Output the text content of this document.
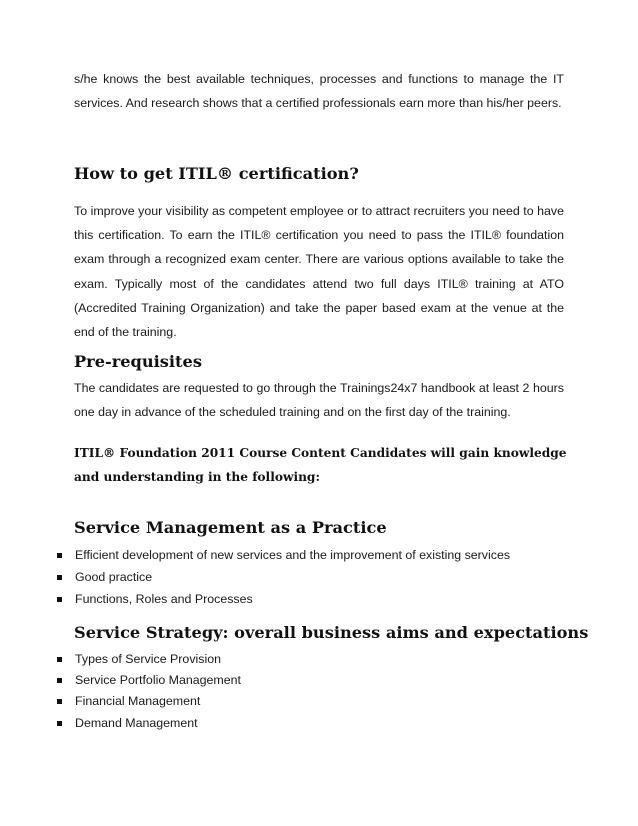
s/he knows the best available techniques, processes and functions to manage the IT services. And research shows that a certified professionals earn more than his/her peers.

How to get ITIL® certification?

To improve your visibility as competent employee or to attract recruiters you need to have this certification. To earn the ITIL® certification you need to pass the ITIL® foundation exam through a recognized exam center. There are various options available to take the exam. Typically most of the candidates attend two full days ITIL® training at ATO (Accredited Training Organization) and take the paper based exam at the venue at the end of the training.

Pre-requisites

The candidates are requested to go through the Trainings24x7 handbook at least 2 hours one day in advance of the scheduled training and on the first day of the training.

ITIL® Foundation 2011 Course Content Candidates will gain knowledge and understanding in the following:
Service Management as a Practice
Efficient development of new services and the improvement of existing services
Good practice
Functions, Roles and Processes
Service Strategy: overall business aims and expectations
Types of Service Provision
Service Portfolio Management
Financial Management
Demand Management
